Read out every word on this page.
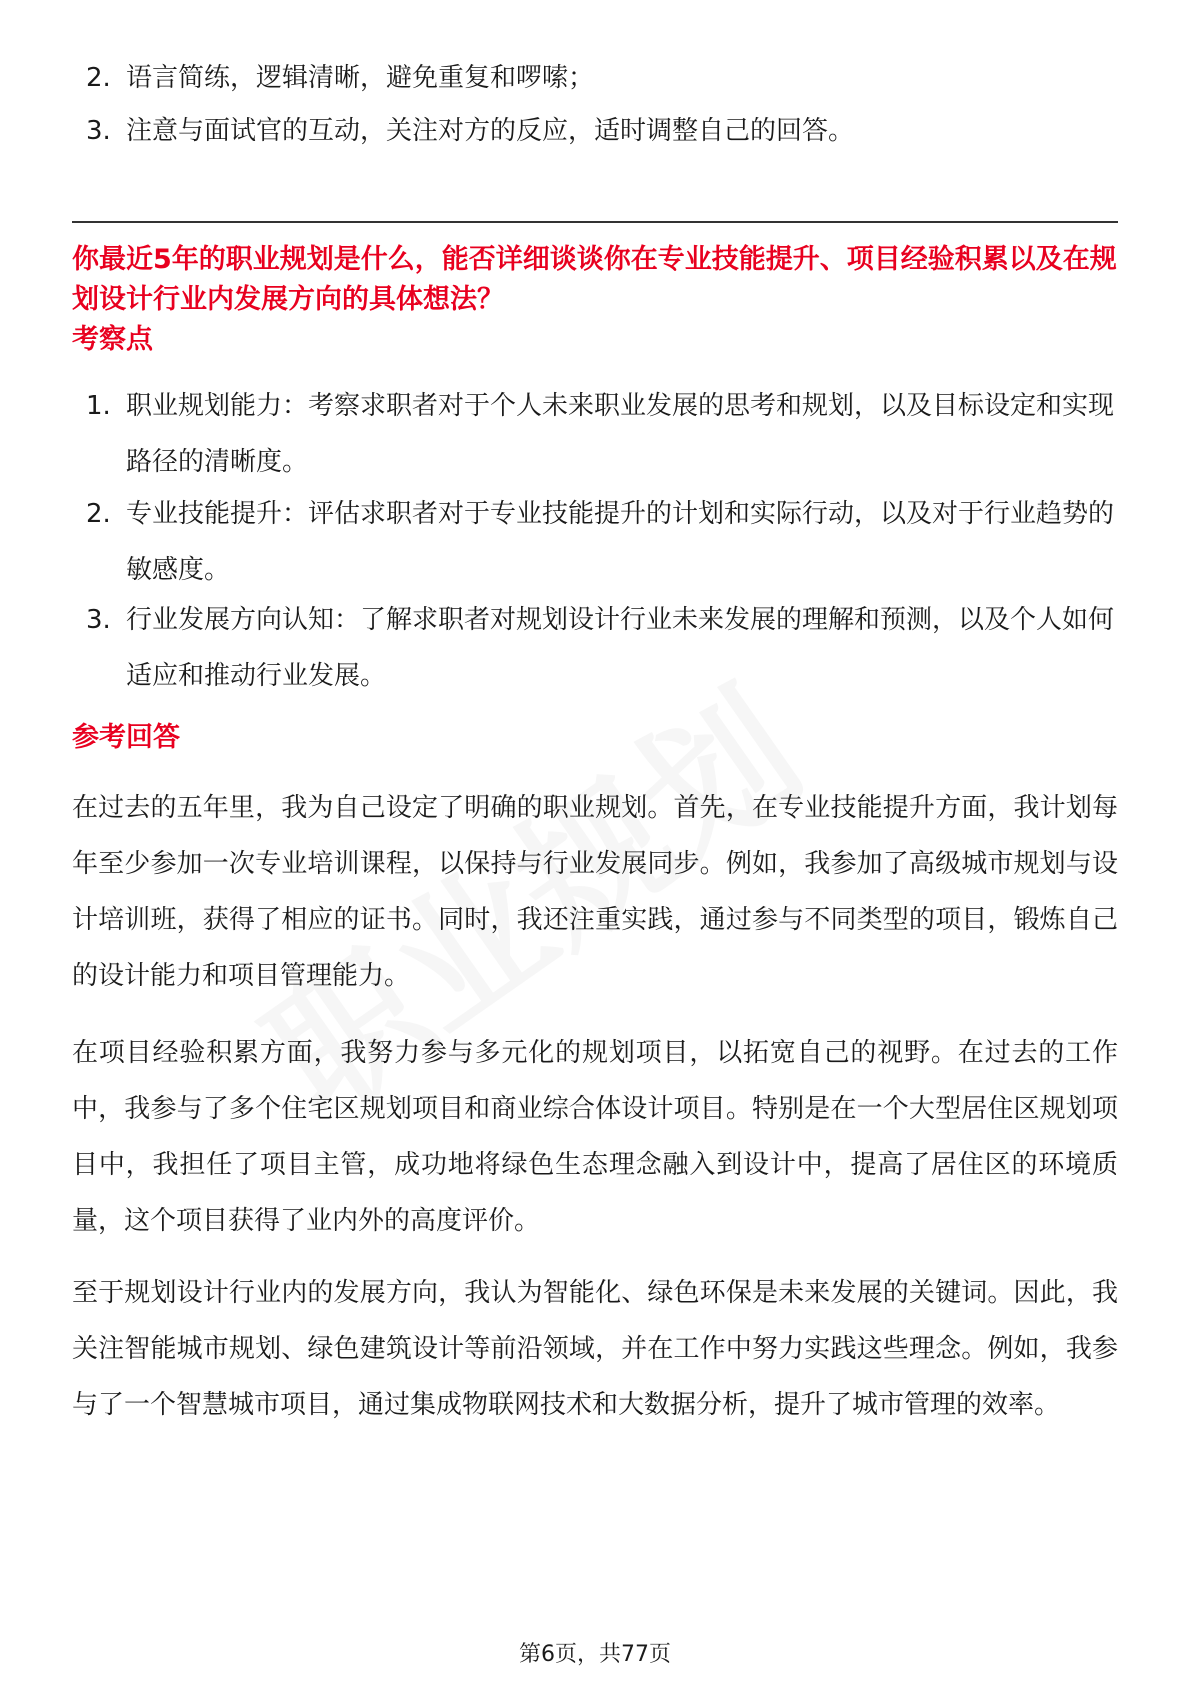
2. 语言简练，逻辑清晰，避免重复和啰嗦；
3. 注意与面试官的互动，关注对方的反应，适时调整自己的回答。
你最近5年的职业规划是什么，能否详细谈谈你在专业技能提升、项目经验积累以及在规划设计行业内发展方向的具体想法？
考察点
1. 职业规划能力：考察求职者对于个人未来职业发展的思考和规划，以及目标设定和实现路径的清晰度。
2. 专业技能提升：评估求职者对于专业技能提升的计划和实际行动，以及对于行业趋势的敏感度。
3. 行业发展方向认知：了解求职者对规划设计行业未来发展的理解和预测，以及个人如何适应和推动行业发展。
参考回答
在过去的五年里，我为自己设定了明确的职业规划。首先，在专业技能提升方面，我计划每年至少参加一次专业培训课程，以保持与行业发展同步。例如，我参加了高级城市规划与设计培训班，获得了相应的证书。同时，我还注重实践，通过参与不同类型的项目，锻炼自己的设计能力和项目管理能力。
在项目经验积累方面，我努力参与多元化的规划项目，以拓宽自己的视野。在过去的工作中，我参与了多个住宅区规划项目和商业综合体设计项目。特别是在一个大型居住区规划项目中，我担任了项目主管，成功地将绿色生态理念融入到设计中，提高了居住区的环境质量，这个项目获得了业内外的高度评价。
至于规划设计行业内的发展方向，我认为智能化、绿色环保是未来发展的关键词。因此，我关注智能城市规划、绿色建筑设计等前沿领域，并在工作中努力实践这些理念。例如，我参与了一个智慧城市项目，通过集成物联网技术和大数据分析，提升了城市管理的效率。
第6页，共77页
